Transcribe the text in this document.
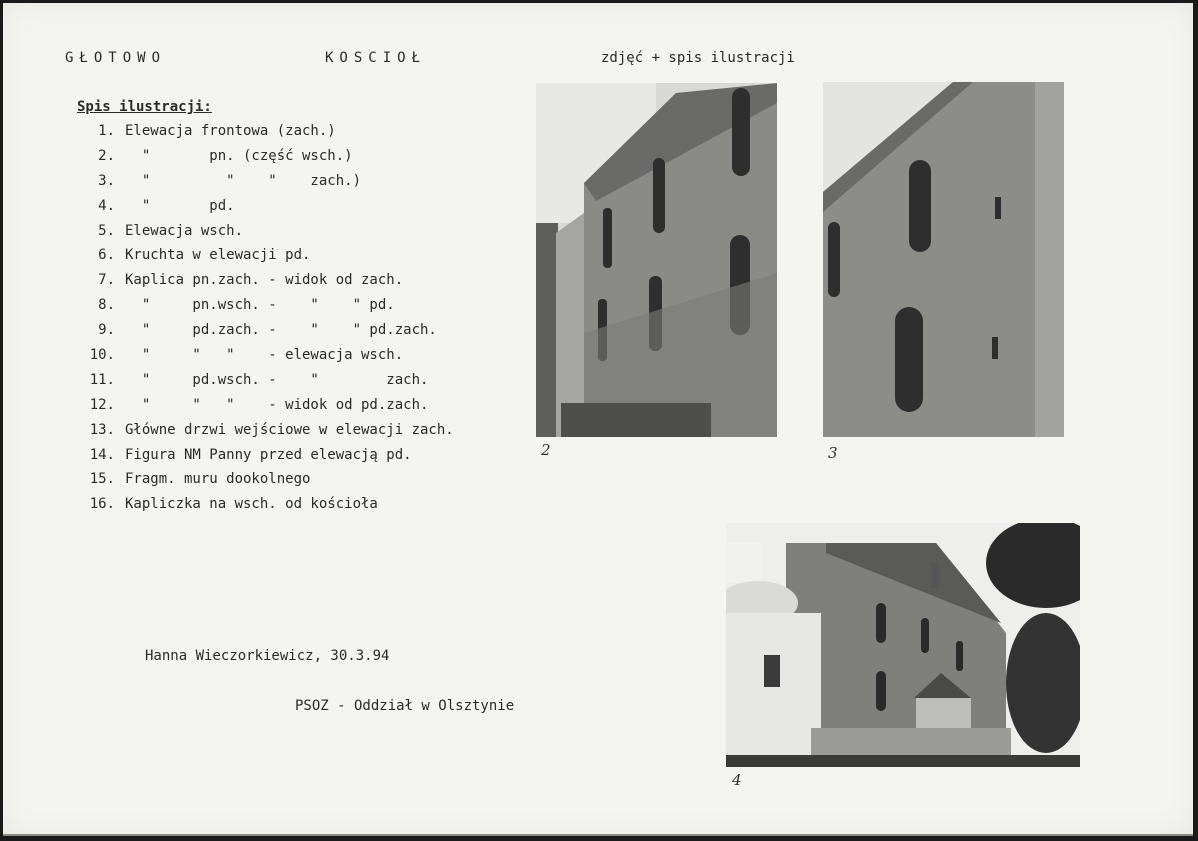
GŁOTOWO	KOSCIOŁ	zdjęć + spis ilustracji
Spis ilustracji:
1. Elewacja frontowa (zach.)
2. "       pn. (część wsch.)
3. "         "    "    zach.)
4. "       pd.
5. Elewacja wsch.
6. Kruchta w elewacji pd.
7. Kaplica pn.zach. - widok od zach.
8. "     pn.wsch. -    "    " pd.
9. "     pd.zach. -    "    " pd.zach.
10. "     "   "    - elewacja wsch.
11. "     pd.wsch. -    "        zach.
12. "     "   "    - widok od pd.zach.
13. Główne drzwi wejściowe w elewacji zach.
14. Figura NM Panny przed elewacją pd.
15. Fragm. muru dookolnego
16. Kapliczka na wsch. od kościoła
Hanna Wieczorkiewicz, 30.3.94
PSOZ - Oddział w Olsztynie
2	3
4
